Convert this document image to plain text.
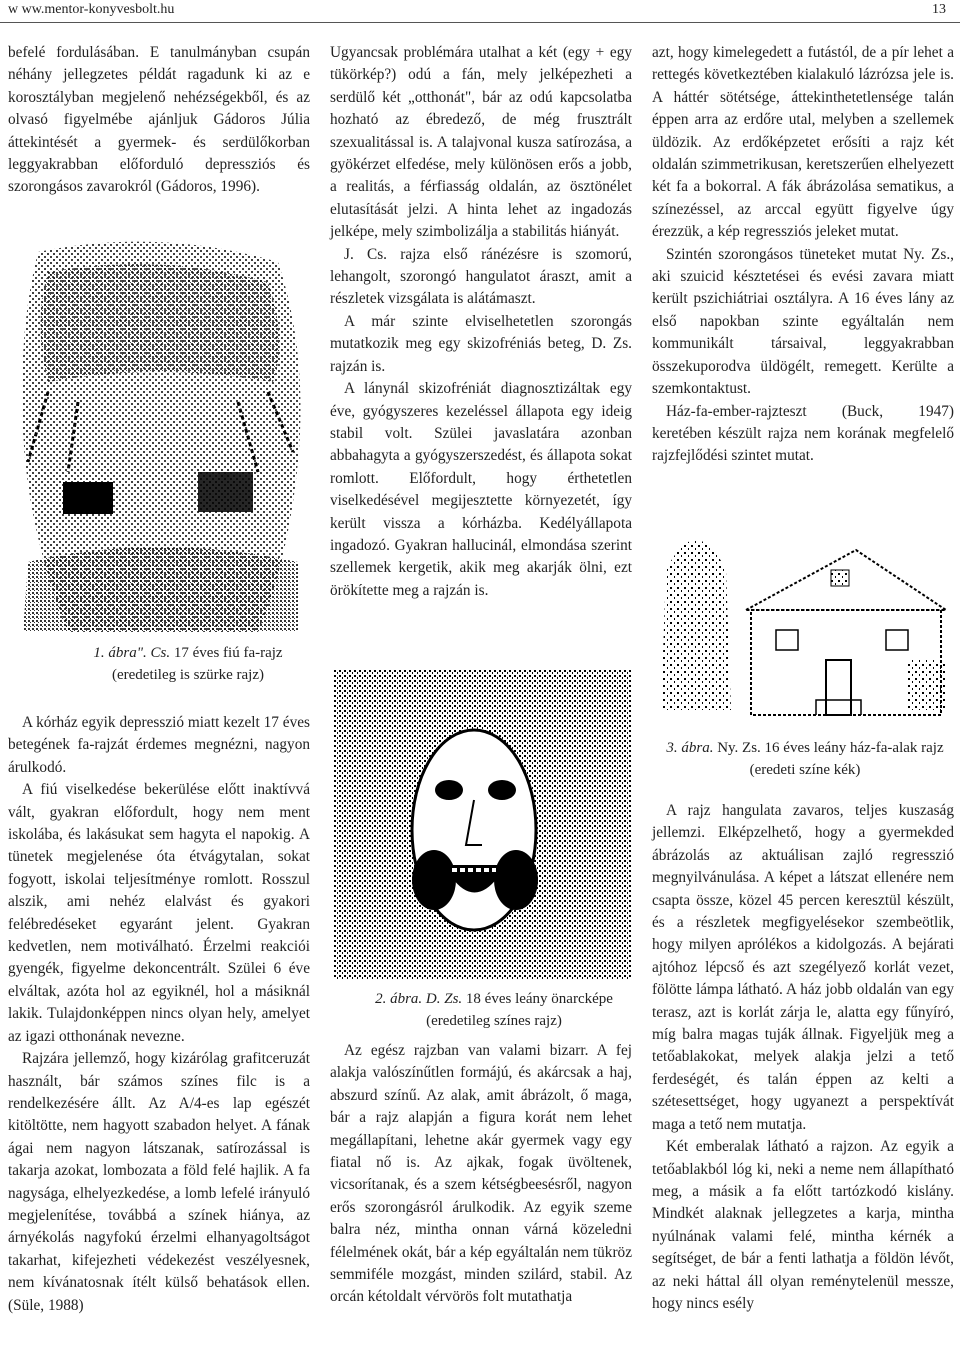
w ww.mentor-konyvesbolt.hu	13

befelé fordulásában. E tanulmányban csupán néhány jellegzetes példát ragadunk ki az e korosztályban megjelenő nehézségekből, és az olvasó figyelmébe ajánljuk Gádoros Júlia áttekintését a gyermek- és serdülőkorban leggyakrabban előforduló depressziós és szorongásos zavarokról (Gádoros, 1996).

1. ábra". Cs. 17 éves fiú fa-rajz (eredetileg is szürke rajz)

A kórház egyik depresszió miatt kezelt 17 éves betegének fa-rajzát érdemes megnézni, nagyon árulkodó.

A fiú viselkedése bekerülése előtt inaktívvá vált, gyakran előfordult, hogy nem ment iskolába, és lakásukat sem hagyta el napokig. A tünetek megjelenése óta étvágytalan, sokat fogyott, iskolai teljesítménye romlott. Rosszul alszik, ami nehéz elalvást és gyakori felébredéseket egyaránt jelent. Gyakran kedvetlen, nem motiválható. Érzelmi reakciói gyengék, figyelme dekoncentrált. Szülei 6 éve elváltak, azóta hol az egyiknél, hol a másiknál lakik. Tulajdonképpen nincs olyan hely, amelyet az igazi otthonának nevezne.

Rajzára jellemző, hogy kizárólag grafitceruzát használt, bár számos színes filc is a rendelkezésére állt. Az A/4-es lap egészét kitöltötte, nem hagyott szabadon helyet. A fának ágai nem nagyon látszanak, satírozással is takarja azokat, lombozata a föld felé hajlik. A fa nagysága, elhelyezkedése, a lomb lefelé irányuló megjelenítése, továbbá a színek hiánya, az árnyékolás nagyfokú érzelmi elhanyagoltságot takarhat, kifejezheti védekezést veszélyesnek, nem kívánatosnak ítélt külső behatások ellen. (Süle, 1988)

Ugyancsak problémára utalhat a két (egy + egy tükörkép?) odú a fán, mely jelképezheti a serdülő két „otthonát", bár az odú kapcsolatba hozható az ébredező, de még frusztrált szexualitással is. A talajvonal kusza satírozása, a gyökérzet elfedése, mely különösen erős a jobb, a realitás, a férfiasság oldalán, az ösztönélet elutasítását jelzi. A hinta lehet az ingadozás jelképe, mely szimbolizálja a stabilitás hiányát.

J. Cs. rajza első ránézésre is szomorú, lehangolt, szorongó hangulatot áraszt, amit a részletek vizsgálata is alátámaszt.

A már szinte elviselhetetlen szorongás mutatkozik meg egy skizofréniás beteg, D. Zs. rajzán is.

A lánynál skizofréniát diagnosztizáltak egy éve, gyógyszeres kezeléssel állapota egy ideig stabil volt. Szülei javaslatára azonban abbahagyta a gyógyszerszedést, és állapota sokat romlott. Előfordult, hogy érthetetlen viselkedésével megijesztette környezetét, így került vissza a kórházba. Kedélyállapota ingadozó. Gyakran hallucinál, elmondása szerint szellemek kergetik, akik meg akarják ölni, ezt örökítette meg a rajzán is.

2. ábra. D. Zs. 18 éves leány önarcképe (eredetileg színes rajz)

Az egész rajzban van valami bizarr. A fej alakja valószínűtlen formájú, és akárcsak a haj, abszurd színű. Az alak, amit ábrázolt, ő maga, bár a rajz alapján a figura korát nem lehet megállapítani, lehetne akár gyermek vagy egy fiatal nő is. Az ajkak, fogak üvöltenek, vicsorítanak, és a szem kétségbeesésről, nagyon erős szorongásról árulkodik. Az egyik szeme balra néz, mintha onnan várná közeledni félelmének okát, bár a kép egyáltalán nem tükröz semmiféle mozgást, minden szilárd, stabil. Az orcán kétoldalt vérvörös folt mutathatja

azt, hogy kimelegedett a futástól, de a pír lehet a rettegés következtében kialakuló lázrózsa jele is. A háttér sötétsége, áttekinthetetlensége talán éppen arra az erdőre utal, melyben a szellemek üldözik. Az erdőképzetet erősíti a rajz két oldalán szimmetrikusan, keretszerűen elhelyezett két fa a bokorral. A fák ábrázolása sematikus, a színezéssel, az arccal együtt figyelve úgy érezzük, a kép regressziós jeleket mutat.

Szintén szorongásos tüneteket mutat Ny. Zs., aki szuicid késztetései és evési zavara miatt került pszichiátriai osztályra. A 16 éves lány az első napokban szinte egyáltalán nem kommunikált társaival, leggyakrabban összekuporodva üldögélt, remegett. Kerülte a szemkontaktust.

Ház-fa-ember-rajzteszt (Buck, 1947) keretében készült rajza nem korának megfelelő rajzfejlődési szintet mutat.

3. ábra. Ny. Zs. 16 éves leány ház-fa-alak rajz (eredeti színe kék)

A rajz hangulata zavaros, teljes kuszaság jellemzi. Elképzelhető, hogy a gyermekded ábrázolás az aktuálisan zajló regresszió megnyilvánulása. A képet a látszat ellenére nem csapta össze, közel 45 percen keresztül készült, és a részletek megfigyelésekor szembeötlik, hogy milyen aprólékos a kidolgozás. A bejárati ajtóhoz lépcső és azt szegélyező korlát vezet, fölötte lámpa látható. A ház jobb oldalán van egy terasz, azt is korlát zárja le, alatta egy fűnyíró, míg balra magas tuják állnak. Figyeljük meg a tetőablakokat, melyek alakja jelzi a tető ferdeségét, és talán éppen az kelti a szétesettséget, hogy ugyanezt a perspektívát maga a tető nem mutatja.

Két emberalak látható a rajzon. Az egyik a tetőablakból lóg ki, neki a neme nem állapítható meg, a másik a fa előtt tartózkodó kislány. Mindkét alaknak jellegzetes a karja, mintha nyúlnának valami felé, mintha kérnék a segítséget, de bár a fenti lathatja a földön lévőt, az neki háttal áll olyan reménytelenül messze, hogy nincs esély
